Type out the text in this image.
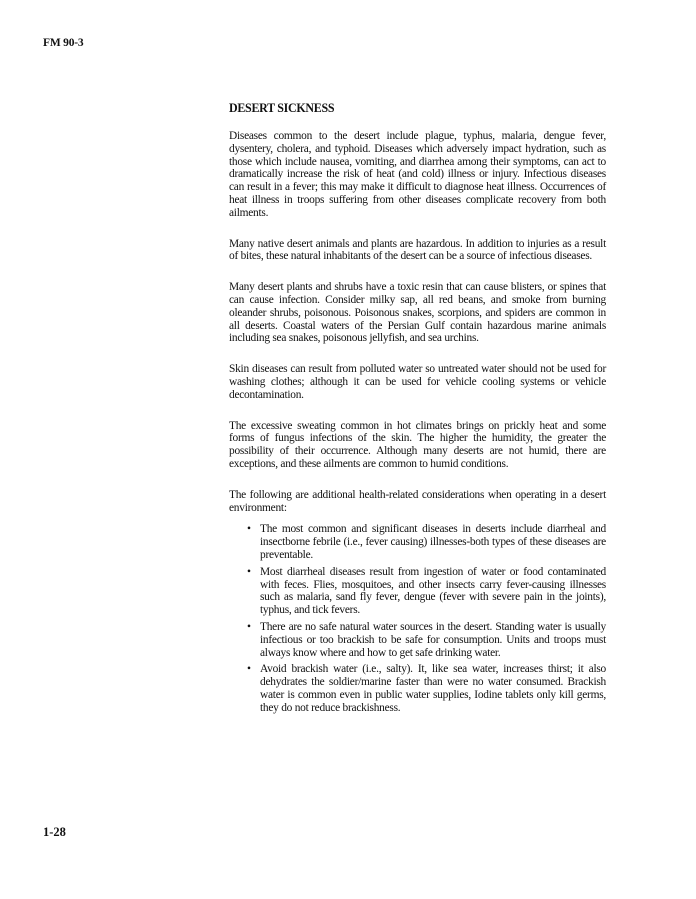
FM 90-3
DESERT SICKNESS

Diseases common to the desert include plague, typhus, malaria, dengue fever, dysentery, cholera, and typhoid. Diseases which adversely impact hydration, such as those which include nausea, vomiting, and diarrhea among their symptoms, can act to dramatically increase the risk of heat (and cold) illness or injury. Infectious diseases can result in a fever; this may make it difficult to diagnose heat illness. Occurrences of heat illness in troops suffering from other diseases complicate recovery from both ailments.

Many native desert animals and plants are hazardous. In addition to injuries as a result of bites, these natural inhabitants of the desert can be a source of infectious diseases.

Many desert plants and shrubs have a toxic resin that can cause blisters, or spines that can cause infection. Consider milky sap, all red beans, and smoke from burning oleander shrubs, poisonous. Poisonous snakes, scorpions, and spiders are common in all deserts. Coastal waters of the Persian Gulf contain hazardous marine animals including sea snakes, poisonous jellyfish, and sea urchins.

Skin diseases can result from polluted water so untreated water should not be used for washing clothes; although it can be used for vehicle cooling systems or vehicle decontamination.

The excessive sweating common in hot climates brings on prickly heat and some forms of fungus infections of the skin. The higher the humidity, the greater the possibility of their occurrence. Although many deserts are not humid, there are exceptions, and these ailments are common to humid conditions.

The following are additional health-related considerations when operating in a desert environment:

• The most common and significant diseases in deserts include diarrheal and insectborne febrile (i.e., fever causing) illnesses-both types of these diseases are preventable.
• Most diarrheal diseases result from ingestion of water or food contaminated with feces. Flies, mosquitoes, and other insects carry fever-causing illnesses such as malaria, sand fly fever, dengue (fever with severe pain in the joints), typhus, and tick fevers.
• There are no safe natural water sources in the desert. Standing water is usually infectious or too brackish to be safe for consumption. Units and troops must always know where and how to get safe drinking water.
• Avoid brackish water (i.e., salty). It, like sea water, increases thirst; it also dehydrates the soldier/marine faster than were no water consumed. Brackish water is common even in public water supplies, Iodine tablets only kill germs, they do not reduce brackishness.
1-28
